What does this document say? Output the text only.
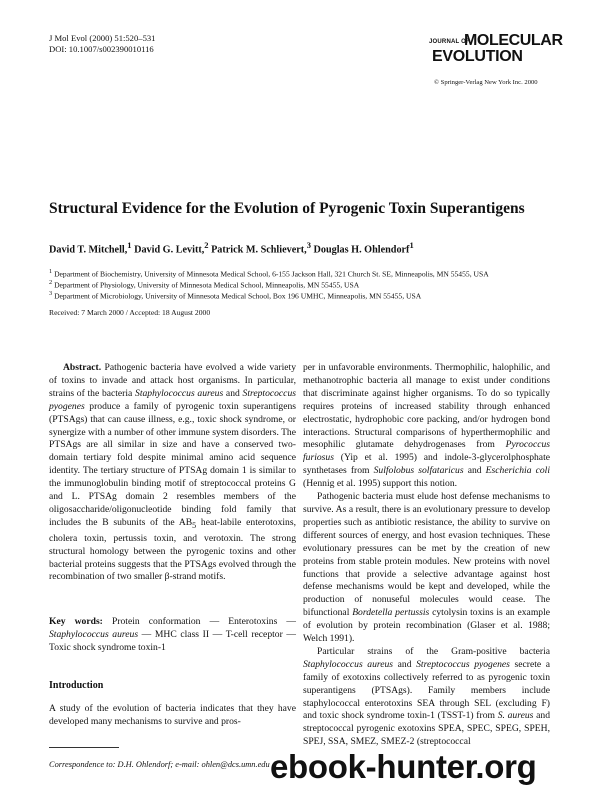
J Mol Evol (2000) 51:520–531
DOI: 10.1007/s002390010116
JOURNAL OF
MOLECULAR
EVOLUTION
© Springer-Verlag New York Inc. 2000
Structural Evidence for the Evolution of Pyrogenic Toxin Superantigens
David T. Mitchell,$^1$ David G. Levitt,$^2$ Patrick M. Schlievert,$^3$ Douglas H. Ohlendorf$^1$
$^1$ Department of Biochemistry, University of Minnesota Medical School, 6-155 Jackson Hall, 321 Church St. SE, Minneapolis, MN 55455, USA
$^2$ Department of Physiology, University of Minnesota Medical School, Minneapolis, MN 55455, USA
$^3$ Department of Microbiology, University of Minnesota Medical School, Box 196 UMHC, Minneapolis, MN 55455, USA
Received: 7 March 2000 / Accepted: 18 August 2000

Abstract. Pathogenic bacteria have evolved a wide variety of toxins to invade and attack host organisms. In particular, strains of the bacteria Staphylococcus aureus and Streptococcus pyogenes produce a family of pyrogenic toxin superantigens (PTSAgs) that can cause illness, e.g., toxic shock syndrome, or synergize with a number of other immune system disorders. The PTSAgs are all similar in size and have a conserved two-domain tertiary fold despite minimal amino acid sequence identity. The tertiary structure of PTSAg domain 1 is similar to the immunoglobulin binding motif of streptococcal proteins G and L. PTSAg domain 2 resembles members of the oligosaccharide/oligonucleotide binding fold family that includes the B subunits of the $AB_5$ heat-labile enterotoxins, cholera toxin, pertussis toxin, and verotoxin. The strong structural homology between the pyrogenic toxins and other bacterial proteins suggests that the PTSAgs evolved through the recombination of two smaller β-strand motifs.

Key words: Protein conformation — Enterotoxins — Staphylococcus aureus — MHC class II — T-cell receptor — Toxic shock syndrome toxin-1
Introduction
A study of the evolution of bacteria indicates that they have developed many mechanisms to survive and pros-
Correspondence to: D.H. Ohlendorf; e-mail: ohlen@dcs.umn.edu

per in unfavorable environments. Thermophilic, halophilic, and methanotrophic bacteria all manage to exist under conditions that discriminate against higher organisms. To do so typically requires proteins of increased stability through enhanced electrostatic, hydrophobic core packing, and/or hydrogen bond interactions. Structural comparisons of hyperthermophilic and mesophilic glutamate dehydrogenases from Pyrococcus furiosus (Yip et al. 1995) and indole-3-glycerolphosphate synthetases from Sulfolobus solfataricus and Escherichia coli (Hennig et al. 1995) support this notion.

Pathogenic bacteria must elude host defense mechanisms to survive. As a result, there is an evolutionary pressure to develop properties such as antibiotic resistance, the ability to survive on different sources of energy, and host evasion techniques. These evolutionary pressures can be met by the creation of new proteins from stable protein modules. New proteins with novel functions that provide a selective advantage against host defense mechanisms would be kept and developed, while the production of nonuseful molecules would cease. The bifunctional Bordetella pertussis cytolysin toxins is an example of evolution by protein recombination (Glaser et al. 1988; Welch 1991).

Particular strains of the Gram-positive bacteria Staphylococcus aureus and Streptococcus pyogenes secrete a family of exotoxins collectively referred to as pyrogenic toxin superantigens (PTSAgs). Family members include staphylococcal enterotoxins SEA through SEL (excluding F) and toxic shock syndrome toxin-1 (TSST-1) from S. aureus and streptococcal pyrogenic exotoxins SPEA, SPEC, SPEG, SPEH, SPEJ, SSA, SMEZ, SMEZ-2 (streptococcal

ebook-hunter.org
